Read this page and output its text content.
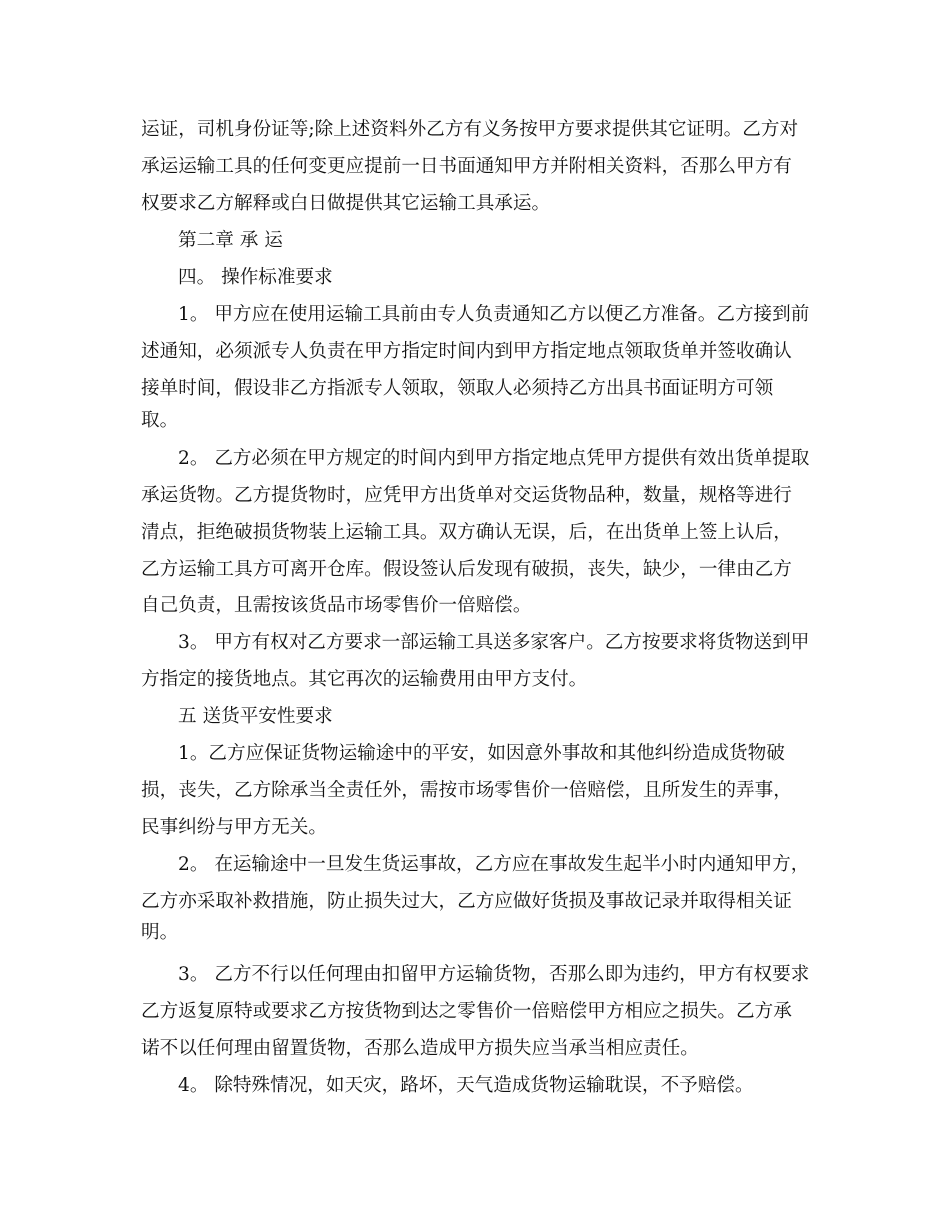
运证，司机身份证等;除上述资料外乙方有义务按甲方要求提供其它证明。乙方对
承运运输工具的任何变更应提前一日书面通知甲方并附相关资料，否那么甲方有
权要求乙方解释或白日做提供其它运输工具承运。
第二章 承 运
四。 操作标准要求
1。 甲方应在使用运输工具前由专人负责通知乙方以便乙方准备。乙方接到前
述通知，必须派专人负责在甲方指定时间内到甲方指定地点领取货单并签收确认
接单时间，假设非乙方指派专人领取，领取人必须持乙方出具书面证明方可领
取。
2。 乙方必须在甲方规定的时间内到甲方指定地点凭甲方提供有效出货单提取
承运货物。乙方提货物时，应凭甲方出货单对交运货物品种，数量，规格等进行
清点，拒绝破损货物装上运输工具。双方确认无误，后，在出货单上签上认后，
乙方运输工具方可离开仓库。假设签认后发现有破损，丧失，缺少，一律由乙方
自己负责，且需按该货品市场零售价一倍赔偿。
3。 甲方有权对乙方要求一部运输工具送多家客户。乙方按要求将货物送到甲
方指定的接货地点。其它再次的运输费用由甲方支付。
五 送货平安性要求
1。乙方应保证货物运输途中的平安，如因意外事故和其他纠纷造成货物破
损，丧失，乙方除承当全责任外，需按市场零售价一倍赔偿，且所发生的弄事，
民事纠纷与甲方无关。
2。 在运输途中一旦发生货运事故，乙方应在事故发生起半小时内通知甲方，
乙方亦采取补救措施，防止损失过大，乙方应做好货损及事故记录并取得相关证
明。
3。 乙方不行以任何理由扣留甲方运输货物，否那么即为违约，甲方有权要求
乙方返复原特或要求乙方按货物到达之零售价一倍赔偿甲方相应之损失。乙方承
诺不以任何理由留置货物，否那么造成甲方损失应当承当相应责任。
4。 除特殊情况，如天灾，路坏，天气造成货物运输耽误，不予赔偿。
